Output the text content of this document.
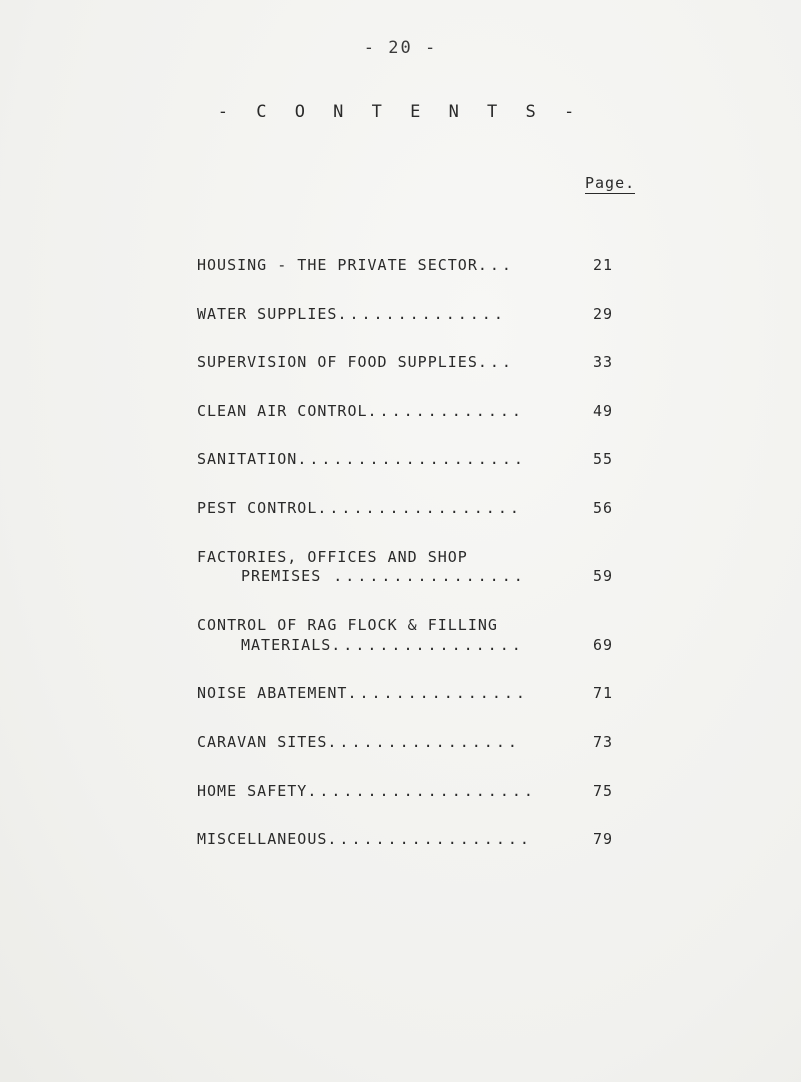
- 20 -
- C O N T E N T S -
Page.
HOUSING - THE PRIVATE SECTOR...	21
WATER SUPPLIES..............	29
SUPERVISION OF FOOD SUPPLIES...	33
CLEAN AIR CONTROL.............	49
SANITATION...................	55
PEST CONTROL.................	56
FACTORIES, OFFICES AND SHOP
PREMISES ................	59
CONTROL OF RAG FLOCK & FILLING
MATERIALS................	69
NOISE ABATEMENT...............	71
CARAVAN SITES................	73
HOME SAFETY...................	75
MISCELLANEOUS.................	79
